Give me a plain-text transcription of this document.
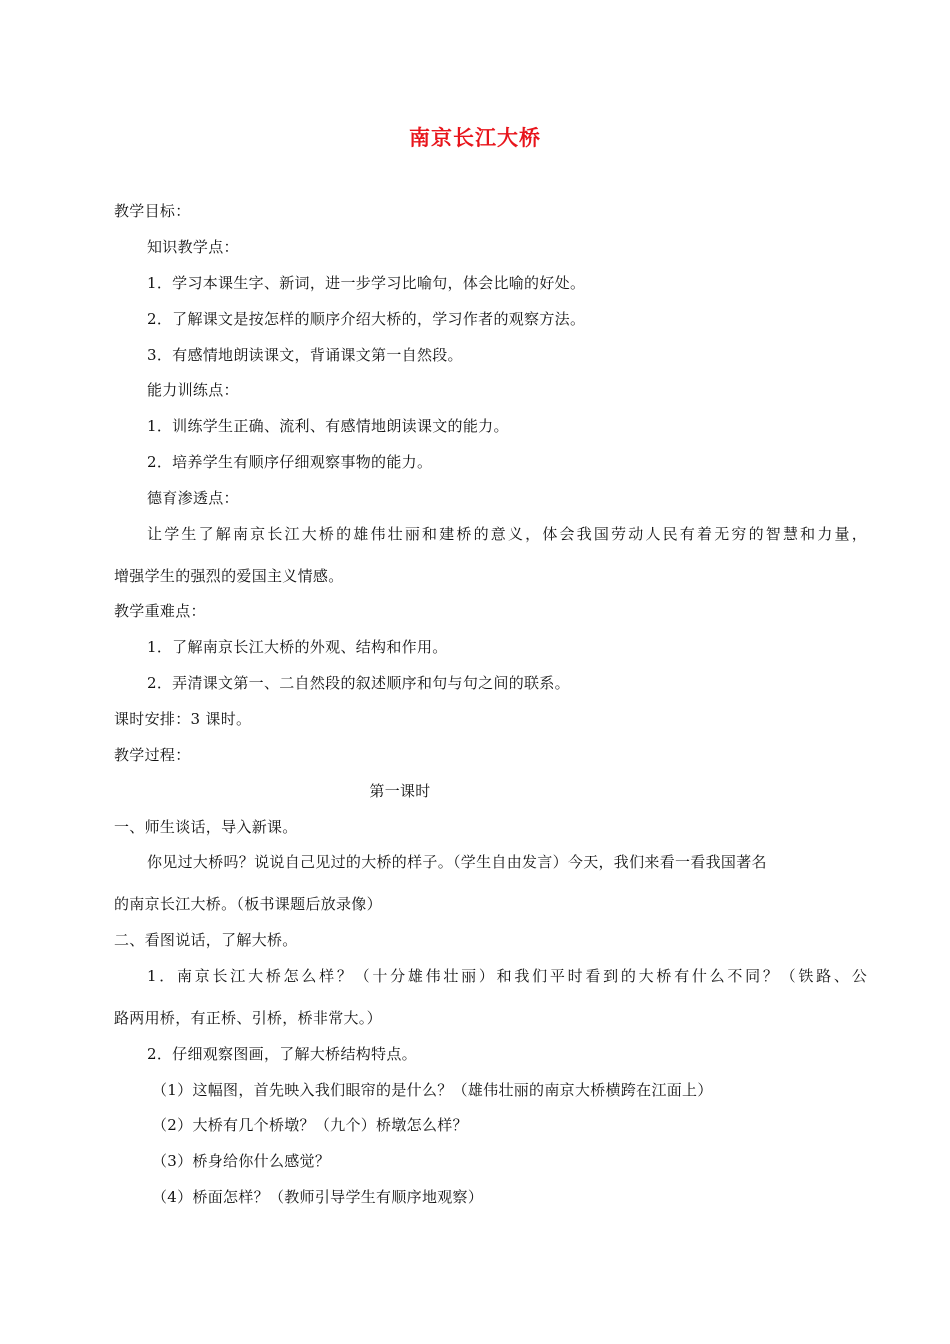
南京长江大桥
教学目标：
知识教学点：
1．学习本课生字、新词，进一步学习比喻句，体会比喻的好处。
2．了解课文是按怎样的顺序介绍大桥的，学习作者的观察方法。
3．有感情地朗读课文，背诵课文第一自然段。
能力训练点：
1．训练学生正确、流利、有感情地朗读课文的能力。
2．培养学生有顺序仔细观察事物的能力。
德育渗透点：
让学生了解南京长江大桥的雄伟壮丽和建桥的意义，体会我国劳动人民有着无穷的智慧和力量，
增强学生的强烈的爱国主义情感。
教学重难点：
1．了解南京长江大桥的外观、结构和作用。
2．弄清课文第一、二自然段的叙述顺序和句与句之间的联系。
课时安排：3 课时。
教学过程：
第一课时
一、师生谈话，导入新课。
你见过大桥吗？说说自己见过的大桥的样子。（学生自由发言）今天，我们来看一看我国著名
的南京长江大桥。（板书课题后放录像）
二、看图说话，了解大桥。
1．南京长江大桥怎么样？（十分雄伟壮丽）和我们平时看到的大桥有什么不同？（铁路、公
路两用桥，有正桥、引桥，桥非常大。）
2．仔细观察图画，了解大桥结构特点。
（1）这幅图，首先映入我们眼帘的是什么？（雄伟壮丽的南京大桥横跨在江面上）
（2）大桥有几个桥墩？（九个）桥墩怎么样？
（3）桥身给你什么感觉？
（4）桥面怎样？（教师引导学生有顺序地观察）
